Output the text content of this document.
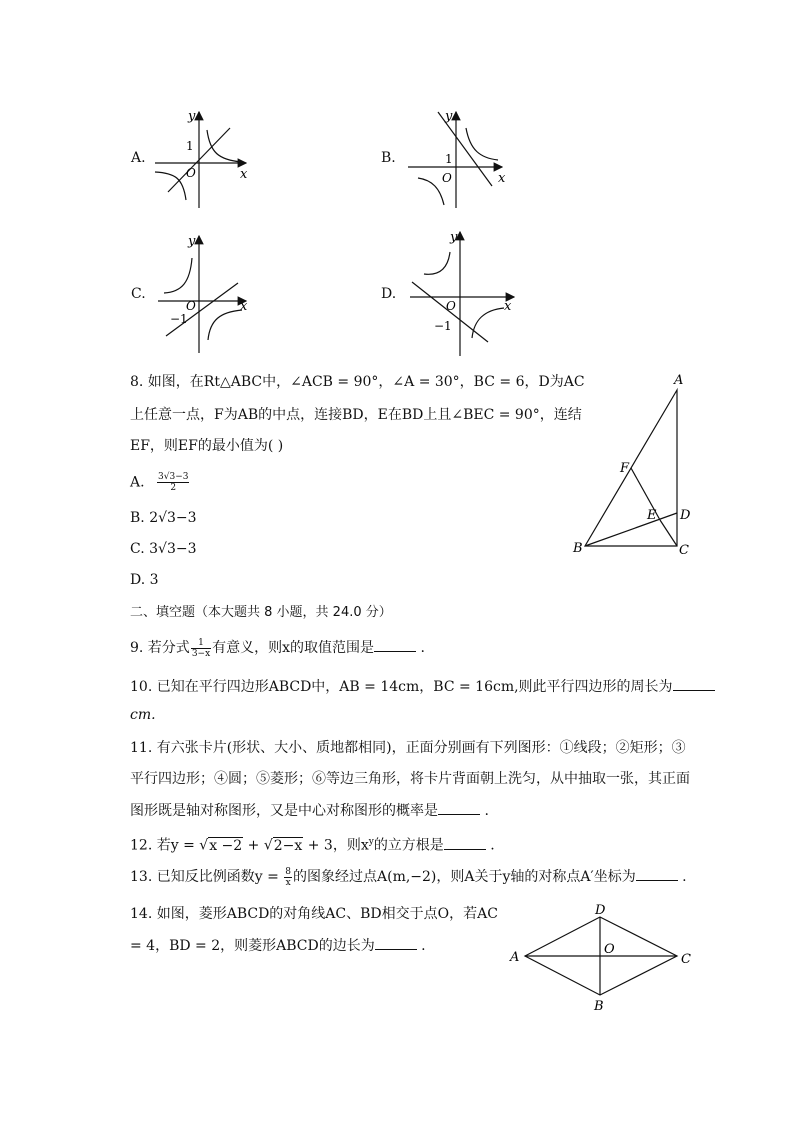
A.
y
x
O
1
B.
y
x
O
1
C.
y
x
O
−1
D.
y
x
O
−1
8. 如图，在Rt△ABC中，∠ACB = 90°，∠A = 30°，BC = 6，D为AC
上任意一点，F为AB的中点，连接BD，E在BD上且∠BEC = 90°，连结
EF，则EF的最小值为( )
A. $\frac{3√3-3}{2}$
B. 2√3−3
C. 3√3−3
D. 3
A
B	C
D
E
F
二、填空题（本大题共 8 小题，共 24.0 分）
9. 若分式 $\frac{1}{3-x}$ 有意义，则x的取值范围是	.
10. 已知在平行四边形ABCD中，AB = 14cm，BC = 16cm,则此平行四边形的周长为
cm.
11. 有六张卡片(形状、大小、质地都相同)，正面分别画有下列图形：①线段；②矩形；③
平行四边形；④圆；⑤菱形；⑥等边三角形，将卡片背面朝上洗匀，从中抽取一张，其正面
图形既是轴对称图形，又是中心对称图形的概率是	.
12. 若y = √x −2 + √2−x + 3，则$x^y$的立方根是	.
13. 已知反比例函数$y = \frac{8}{x}$ 的图象经过点A(m,−2)，则A关于y轴的对称点A′坐标为	.
14. 如图，菱形ABCD的对角线AC、BD相交于点O，若AC
= 4，BD = 2，则菱形ABCD的边长为	.
A
B
C
D
O
